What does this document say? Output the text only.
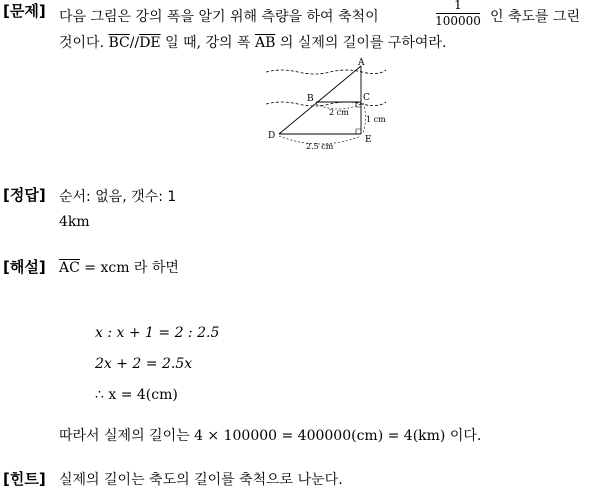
[문제] 다음 그림은 강의 폭을 알기 위해 측량을 하여 축척이
1
100000 인 축도를 그린
것이다. $\overline{BC}//\overline{DE}$ 일 때, 강의 폭 $\overline{AB}$ 의 실제의 길이를 구하여라.
A
B	C
D	E
2 cm
1 cm
2.5 cm
[정답] 순서: 없음, 갯수: 1
4km
[해설] $\overline{AC}$ = xcm 라 하면
x : x + 1 = 2 : 2.5
2x + 2 = 2.5x
∴ x = 4(cm)
따라서 실제의 길이는 4 × 100000 = 400000(cm) = 4(km) 이다.
[힌트] 실제의 길이는 축도의 길이를 축척으로 나눈다.
